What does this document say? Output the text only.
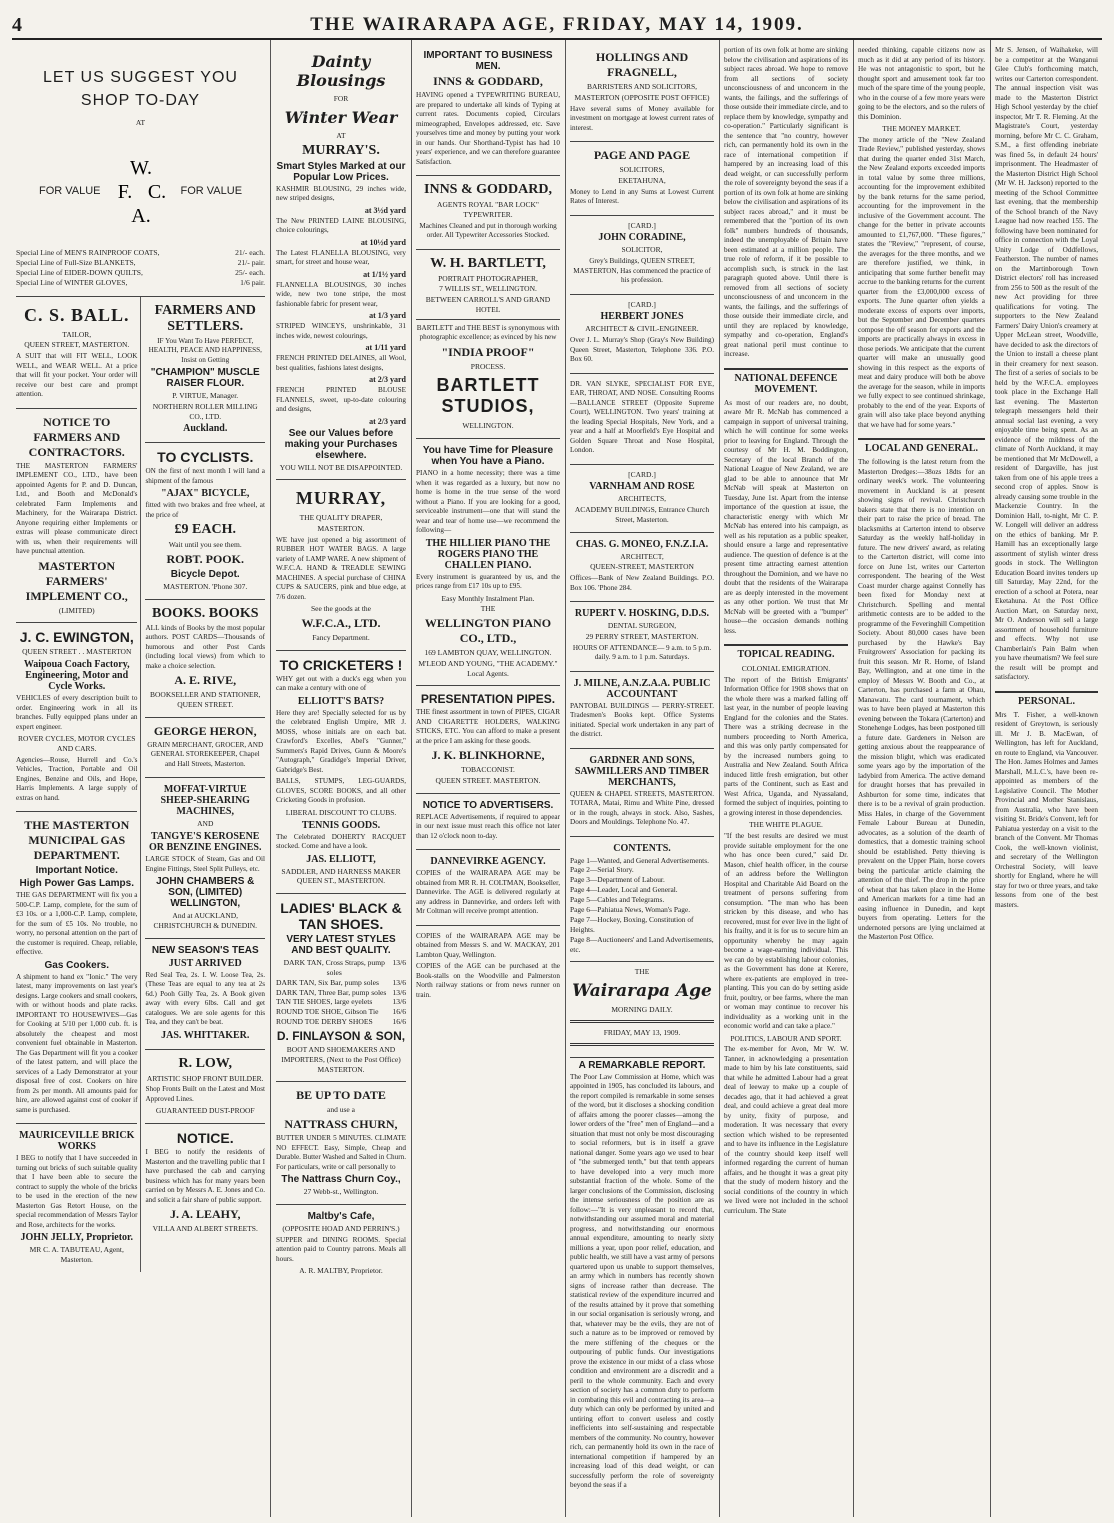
4	THE WAIRARAPA AGE, FRIDAY, MAY 14, 1909.
LET US SUGGEST YOU SHOP TO-DAY
AT
FOR VALUE
W.
F. C.
A.
FOR VALUE
Special Line of MEN'S RAINPROOF COATS,	21/- each.
Special Line of Full-Size BLANKETS,	21/- pair.
Special Line of EIDER-DOWN QUILTS,	25/- each.
Special Line of WINTER GLOVES,	1/6 pair.
C. S. BALL.
TAILOR,
QUEEN STREET, MASTERTON.
A SUIT that will FIT WELL, LOOK WELL, and WEAR WELL. At a price that will fit your pocket. Your order will receive our best care and prompt attention.
NOTICE TO FARMERS AND CONTRACTORS.
THE MASTERTON FARMERS' IMPLEMENT CO., LTD., have been appointed Agents for P. and D. Duncan, Ltd., and Booth and McDonald's celebrated Farm Implements and Machinery, for the Wairarapa District. Anyone requiring either Implements or extras will please communicate direct with us, when their requirements will have punctual attention.
MASTERTON FARMERS' IMPLEMENT CO.,
(LIMITED)
J. C. EWINGTON,
QUEEN STREET . . MASTERTON
Waipoua Coach Factory, Engineering, Motor and Cycle Works.
VEHICLES of every description built to order. Engineering work in all its branches. Fully equipped plans under an expert engineer.
ROVER CYCLES, MOTOR CYCLES AND CARS.
Agencies—Rouse, Hurrell and Co.'s Vehicles, Traction, Portable and Oil Engines, Benzine and Oils, and Hope, Harris Implements. A large supply of extras on hand.
THE MASTERTON MUNICIPAL GAS DEPARTMENT.
Important Notice.
High Power Gas Lamps.
THE GAS DEPARTMENT will fix you a 500-C.P. Lamp, complete, for the sum of £3 10s. or a 1,000-C.P. Lamp, complete, for the sum of £5 10s. No trouble, no worry, no personal attention on the part of the customer is required. Cheap, reliable, effective.
Gas Cookers.
A shipment to hand ex "Ionic." The very latest, many improvements on last year's designs. Large cookers and small cookers, with or without hoods and plate racks. IMPORTANT TO HOUSEWIVES—Gas for Cooking at 5/10 per 1,000 cub. ft. is absolutely the cheapest and most convenient fuel obtainable in Masterton. The Gas Department will fit you a cooker of the latest pattern, and will place the services of a Lady Demonstrator at your disposal free of cost. Cookers on hire from 2s per month. All amounts paid for hire, are allowed against cost of cooker if same is purchased.
MAURICEVILLE BRICK WORKS
I BEG to notify that I have succeeded in turning out bricks of such suitable quality that I have been able to secure the contract to supply the whole of the bricks to be used in the erection of the new Masterton Gas Retort House, on the special recommendation of Messrs Taylor and Rose, architects for the works.
JOHN JELLY, Proprietor.
MR C. A. TABUTEAU, Agent, Masterton.
FARMERS AND SETTLERS.
IF You Want To Have PERFECT, HEALTH, PEACE AND HAPPINESS, Insist on Getting
"CHAMPION" MUSCLE RAISER FLOUR.
P. VIRTUE, Manager.
NORTHERN ROLLER MILLING CO., LTD.
Auckland.
TO CYCLISTS.
ON the first of next month I will land a shipment of the famous
"AJAX" BICYCLE,
fitted with two brakes and free wheel, at the price of
£9 EACH.
Wait until you see them.
ROBT. POOK.
Bicycle Depot.
MASTERTON. 'Phone 307.
BOOKS. BOOKS
ALL kinds of Books by the most popular authors. POST CARDS—Thousands of humorous and other Post Cards (including local views) from which to make a choice selection.
A. E. RIVE,
BOOKSELLER AND STATIONER, QUEEN STREET.
GEORGE HERON,
GRAIN MERCHANT, GROCER, AND GENERAL STOREKEEPER, Chapel and Hall Streets, Masterton.
MOFFAT-VIRTUE SHEEP-SHEARING MACHINES,
AND
TANGYE'S KEROSENE OR BENZINE ENGINES.
LARGE STOCK of Steam, Gas and Oil Engine Fittings, Steel Split Pulleys, etc.
JOHN CHAMBERS & SON, (LIMITED) WELLINGTON,
And at AUCKLAND, CHRISTCHURCH & DUNEDIN.
NEW SEASON'S TEAS
JUST ARRIVED
Red Seal Tea, 2s. I. W. Loose Tea, 2s. (These Teas are equal to any tea at 2s 6d.) Pooh Gilly Tea, 2s. A Book given away with every 6lbs. Call and get catalogues. We are sole agents for this Tea, and they can't be beat.
JAS. WHITTAKER.
R. LOW,
ARTISTIC SHOP FRONT BUILDER.
Shop Fronts Built on the Latest and Most Approved Lines.
GUARANTEED DUST-PROOF
NOTICE.
I BEG to notify the residents of Masterton and the travelling public that I have purchased the cab and carrying business which has for many years been carried on by Messrs A. E. Jones and Co. and solicit a fair share of public support.
J. A. LEAHY,
VILLA AND ALBERT STREETS.
Dainty Blousings
FOR
Winter Wear
AT
MURRAY'S.
Smart Styles Marked at our Popular Low Prices.
KASHMIR BLOUSING, 29 inches wide, new striped designs,
at 3½d yard
The New PRINTED LAINE BLOUSING, choice colourings,
at 10½d yard
The Latest FLANELLA BLOUSING, very smart, for street and house wear,
at 1/1½ yard
FLANNELLA BLOUSINGS, 30 inches wide, new two tone stripe, the most fashionable fabric for present wear,
at 1/3 yard
STRIPED WINCEYS, unshrinkable, 31 inches wide, newest colourings,
at 1/11 yard
FRENCH PRINTED DELAINES, all Wool, best qualities, fashions latest designs,
at 2/3 yard
FRENCH PRINTED BLOUSE FLANNELS, sweet, up-to-date colouring and designs,
at 2/3 yard
See our Values before making your Purchases elsewhere.
YOU WILL NOT BE DISAPPOINTED.
MURRAY,
THE QUALITY DRAPER,
MASTERTON.
WE have just opened a big assortment of RUBBER HOT WATER BAGS. A large variety of LAMP WARE. A new shipment of W.F.C.A. HAND & TREADLE SEWING MACHINES. A special purchase of CHINA CUPS & SAUCERS, pink and blue edge, at 7/6 dozen.
See the goods at the
W.F.C.A., LTD.
Fancy Department.
TO CRICKETERS !
WHY get out with a duck's egg when you can make a century with one of
ELLIOTT'S BATS?
Here they are! Specially selected for us by the celebrated English Umpire, MR J. MOSS, whose initials are on each bat. Crawford's Excelles, Abel's "Gunner," Summers's Rapid Drives, Gunn & Moore's "Autograph," Gradidge's Imperial Driver, Gabridge's Best.
BALLS, STUMPS, LEG-GUARDS, GLOVES, SCORE BOOKS, and all other Cricketing Goods in profusion.
LIBERAL DISCOUNT TO CLUBS.
TENNIS GOODS.
The Celebrated DOHERTY RACQUET stocked. Come and have a look.
JAS. ELLIOTT,
SADDLER, AND HARNESS MAKER QUEEN ST., MASTERTON.
LADIES' BLACK & TAN SHOES.
VERY LATEST STYLES AND BEST QUALITY.
DARK TAN, Cross Straps, pump soles
13/6
DARK TAN, Six Bar, pump soles 13/6
DARK TAN, Three Bar, pump soles 13/6
TAN TIE SHOES, large eyelets	13/6
ROUND TOE SHOE, Gibson Tie 16/6
ROUND TOE DERBY SHOES	16/6
D. FINLAYSON & SON,
BOOT AND SHOEMAKERS AND IMPORTERS, (Next to the Post Office) MASTERTON.
BE UP TO DATE
and use a
NATTRASS CHURN,
BUTTER UNDER 5 MINUTES. CLIMATE NO EFFECT. Easy, Simple, Cheap and Durable. Butter Washed and Salted in Churn. For particulars, write or call personally to
The Nattrass Churn Coy.,
27 Webb-st., Wellington.
Maltby's Cafe,
(OPPOSITE HOAD AND PERRIN'S.)
SUPPER and DINING ROOMS. Special attention paid to Country patrons. Meals all hours.
A. R. MALTBY, Proprietor.
IMPORTANT TO BUSINESS MEN.
INNS & GODDARD,
HAVING opened a TYPEWRITING BUREAU, are prepared to undertake all kinds of Typing at current rates. Documents copied, Circulars mimeographed, Envelopes addressed, etc. Save yourselves time and money by putting your work in our hands. Our Shorthand-Typist has had 10 years' experience, and we can therefore guarantee Satisfaction.
INNS & GODDARD,
AGENTS ROYAL "BAR LOCK" TYPEWRITER.
Machines Cleaned and put in thorough working order. All Typewriter Accessories Stocked.
W. H. BARTLETT,
PORTRAIT PHOTOGRAPHER,
7 WILLIS ST., WELLINGTON.
BETWEEN CARROLL'S AND GRAND HOTEL
BARTLETT and THE BEST is synonymous with photographic excellence; as evinced by his new
"INDIA PROOF"
PROCESS.
BARTLETT STUDIOS,
WELLINGTON.
You have Time for Pleasure when You have a Piano.
PIANO in a home necessity; there was a time when it was regarded as a luxury, but now no home is home in the true sense of the word without a Piano. If you are looking for a good, serviceable instrument—one that will stand the wear and tear of home use—we recommend the following—
THE HILLIER PIANO THE ROGERS PIANO THE CHALLEN PIANO.
Every instrument is guaranteed by us, and the prices range from £17 10s up to £95.
Easy Monthly Instalment Plan.
THE
WELLINGTON PIANO CO., LTD.,
169 LAMBTON QUAY, WELLINGTON.
M'LEOD AND YOUNG, "THE ACADEMY." Local Agents.
PRESENTATION PIPES.
THE finest assortment in town of PIPES, CIGAR AND CIGARETTE HOLDERS, WALKING STICKS, ETC. You can afford to make a present at the price I am asking for these goods.
J. K. BLINKHORNE,
TOBACCONIST.
QUEEN STREET. MASTERTON.
NOTICE TO ADVERTISERS.
REPLACE Advertisements, if required to appear in our next issue must reach this office not later than 12 o'clock noon to-day.
DANNEVIRKE AGENCY.
COPIES of the WAIRARAPA AGE may be obtained from MR R. H. COLTMAN, Bookseller, Dannevirke. The AGE is delivered regularly at any address in Dannevirke, and orders left with Mr Coltman will receive prompt attention.
COPIES of the WAIRARAPA AGE may be obtained from Messrs S. and W. MACKAY, 201 Lambton Quay, Wellington.
COPIES of the AGE can be purchased at the Book-stalls on the Woodville and Palmerston North railway stations or from news runner on train.
HOLLINGS AND FRAGNELL,
BARRISTERS AND SOLICITORS,
MASTERTON (OPPOSITE POST OFFICE)
Have several sums of Money available for investment on mortgage at lowest current rates of interest.
PAGE AND PAGE
SOLICITORS,
EKETAHUNA,
Money to Lend in any Sums at Lowest Current Rates of Interest.
[CARD.]
JOHN CORADINE,
SOLICITOR,
Grey's Buildings, QUEEN STREET, MASTERTON, Has commenced the practice of his profession.
[CARD.]
HERBERT JONES
ARCHITECT & CIVIL-ENGINEER.
Over J. L. Murray's Shop (Gray's New Building) Queen Street, Masterton, Telephone 336. P.O. Box 60.
DR. VAN SLYKE, SPECIALIST FOR EYE, EAR, THROAT, AND NOSE. Consulting Rooms—BALLANCE STREET (Opposite Supreme Court), WELLINGTON. Two years' training at the leading Special Hospitals, New York, and a year and a half at Moorfield's Eye Hospital and Golden Square Throat and Nose Hospital, London.
[CARD.]
VARNHAM AND ROSE
ARCHITECTS,
ACADEMY BUILDINGS, Entrance Church Street, Masterton.
CHAS. G. MONEO, F.N.Z.I.A.
ARCHITECT,
QUEEN-STREET, MASTERTON
Offices—Bank of New Zealand Buildings. P.O. Box 106. 'Phone 284.
RUPERT V. HOSKING, D.D.S.
DENTAL SURGEON,
29 PERRY STREET, MASTERTON.
HOURS OF ATTENDANCE— 9 a.m. to 5 p.m. daily. 9 a.m. to 1 p.m. Saturdays.
J. MILNE, A.N.Z.A.A. PUBLIC ACCOUNTANT
PANTOBAL BUILDINGS — PERRY-STREET. Tradesmen's Books kept. Office Systems initiated. Special work undertaken in any part of the district.
GARDNER AND SONS, SAWMILLERS AND TIMBER MERCHANTS,
QUEEN & CHAPEL STREETS, MASTERTON. TOTARA, Matai, Rimu and White Pine, dressed or in the rough, always in stock. Also, Sashes, Doors and Mouldings. Telephone No. 47.
CONTENTS.
Page 1—Wanted, and General Advertisements.
Page 2—Serial Story.
Page 3—Department of Labour.
Page 4—Leader, Local and General.
Page 5—Cables and Telegrams.
Page 6—Pahiatua News, Woman's Page.
Page 7—Hockey, Boxing, Constitution of Heights.
Page 8—Auctioneers' and Land Advertisements, etc.
THE
Wairarapa Age
MORNING DAILY.
FRIDAY, MAY 13, 1909.
A REMARKABLE REPORT.
The Poor Law Commission at Home, which was appointed in 1905, has concluded its labours, and the report compiled is remarkable in some senses of the word, but it discloses a shocking condition of affairs among the poorer classes—among the lower orders of the "free" men of England—and a situation that must not only be most discouraging to social reformers, but is in itself a grave national danger. Some years ago we used to hear of "the submerged tenth," but that tenth appears to have developed into a very much more substantial fraction of the whole. Some of the larger conclusions of the Commission, disclosing the intense seriousness of the position are as follow:—"It is very unpleasant to record that, notwithstanding our assumed moral and material progress, and notwithstanding our enormous annual expenditure, amounting to nearly sixty millions a year, upon poor relief, education, and public health, we still have a vast army of persons quartered upon us unable to support themselves, an army which in numbers has recently shown signs of increase rather than decrease. The statistical review of the expenditure incurred and of the results attained by it prove that something in our social organisation is seriously wrong, and that, whatever may be the evils, they are not of such a nature as to be improved or removed by the mere stiffening of the cheques or the outpouring of public funds. Our investigations prove the existence in our midst of a class whose condition and environment are a discredit and a peril to the whole community. Each and every section of society has a common duty to perform in combating this evil and contracting its area—a duty which can only be performed by united and untiring effort to convert useless and costly inefficients into self-sustaining and respectable members of the community. No country, however rich, can permanently hold its own in the race of international competition if hampered by an increasing load of this dead weight, or can successfully perform the role of sovereignty beyond the seas if a
portion of its own folk at home are sinking below the civilisation and aspirations of its subject races abroad. We hope to remove from all sections of society unconsciousness of and unconcern in the wants, the failings, and the sufferings of those outside their immediate circle, and to replace them by knowledge, sympathy and co-operation." Particularly significant is the sentence that "no country, however rich, can permanently hold its own in the race of international competition if hampered by an increasing load of this dead weight, or can successfully perform the role of sovereignty beyond the seas if a portion of its own folk at home are sinking below the civilisation and aspirations of its subject races abroad," and it must be remembered that the "portion of its own folk" numbers hundreds of thousands, indeed the unemployable of Britain have been estimated at a million people. The true role of reform, if it be possible to accomplish such, is struck in the last paragraph quoted above. Until there is removed from all sections of society unconsciousness of and unconcern in the wants, the failings, and the sufferings of those outside their immediate circle, and until they are replaced by knowledge, sympathy and co-operation, England's great national peril must continue to increase.
NATIONAL DEFENCE MOVEMENT.
As most of our readers are, no doubt, aware Mr R. McNab has commenced a campaign in support of universal training, which he will continue for some weeks prior to leaving for England. Through the courtesy of Mr H. M. Boddington, Secretary of the local Branch of the National League of New Zealand, we are glad to be able to announce that Mr McNab will speak at Masterton on Tuesday, June 1st. Apart from the intense importance of the question at issue, the characteristic energy with which Mr McNab has entered into his campaign, as well as his reputation as a public speaker, should ensure a large and representative audience. The question of defence is at the present time attracting earnest attention throughout the Dominion, and we have no doubt that the residents of the Wairarapa are as deeply interested in the movement as any other portion. We trust that Mr McNab will be greeted with a "bumper" house—the occasion demands nothing less.
TOPICAL READING.
COLONIAL EMIGRATION.
The report of the British Emigrants' Information Office for 1908 shows that on the whole there was a marked falling off last year, in the number of people leaving England for the colonies and the States. There was a striking decrease in the numbers proceeding to North America, and this was only partly compensated for by the increased numbers going to Australia and New Zealand. South Africa induced little fresh emigration, but other parts of the Continent, such as East and West Africa, Uganda, and Nyassaland, formed the subject of inquiries, pointing to a growing interest in those dependencies.
THE WHITE PLAGUE.
"If the best results are desired we must provide suitable employment for the one who has once been cured," said Dr. Mason, chief health officer, in the course of an address before the Wellington Hospital and Charitable Aid Board on the treatment of persons suffering from consumption. "The man who has been stricken by this disease, and who has recovered, must for ever live in the light of his frailty, and it is for us to secure him an opportunity whereby he may again become a wage-earning individual. This we can do by establishing labour colonies, as the Government has done at Kerere, where ex-patients are employed in tree-planting. This you can do by setting aside fruit, poultry, or bee farms, where the man or woman may continue to recover his individuality as a working unit in the economic world and can take a place."
POLITICS, LABOUR AND SPORT.
The ex-member for Avon, Mr W. W. Tanner, in acknowledging a presentation made to him by his late constituents, said that while he admitted Labour had a great deal of leeway to make up a couple of decades ago, that it had achieved a great deal, and could achieve a great deal more by unity, fixity of purpose, and moderation. It was necessary that every section which wished to be represented and to have its influence in the Legislature of the country should keep itself well informed regarding the current of human affairs, and he thought it was a great pity that the study of modern history and the social conditions of the country in which we lived were not included in the school curriculum. The State
needed thinking, capable citizens now as much as it did at any period of its history. He was not antagonistic to sport, but he thought sport and amusement took far too much of the spare time of the young people, who in the course of a few more years were going to be the electors, and so the rulers of this Dominion.
THE MONEY MARKET.
The money article of the "New Zealand Trade Review," published yesterday, shows that during the quarter ended 31st March, the New Zealand exports exceeded imports in total value by some three millions, accounting for the improvement exhibited by the bank returns for the same period, accounting for the improvement in the inclusive of the Government account. The change for the better in private accounts amounted to £1,767,000. "These figures," states the "Review," "represent, of course, the averages for the three months, and we are therefore justified, we think, in anticipating that some further benefit may accrue to the banking returns for the current quarter from the £3,000,000 excess of exports. The June quarter often yields a moderate excess of exports over imports, but the September and December quarters compose the off season for exports and the imports are practically always in excess in those periods. We anticipate that the current quarter will make an unusually good showing in this respect as the exports of meat and dairy produce will both be above the average for the season, while in imports we fully expect to see continued shrinkage, probably to the end of the year. Exports of grain will also take place beyond anything that we have had for some years."
LOCAL AND GENERAL.
The following is the latest return from the Masterton Dredges:—38ozs 18dts for an ordinary week's work. The volunteering movement in Auckland is at present showing signs of revival. Christchurch bakers state that there is no intention on their part to raise the price of bread. The blacksmiths at Carterton intend to observe Saturday as the weekly half-holiday in future. The new drivers' award, as relating to the Carterton district, will come into force on June 1st, writes our Carterton correspondent. The hearing of the West Coast murder charge against Connelly has been fixed for Monday next at Christchurch. Spelling and mental arithmetic contests are to be added to the programme of the Feveringhill Competition Society. About 80,000 cases have been purchased by the Hawke's Bay Fruitgrowers' Association for packing its fruit this season. Mr R. Horne, of Island Bay, Wellington, and at one time in the employ of Messrs W. Booth and Co., at Carterton, has purchased a farm at Ohau, Manawatu. The card tournament, which was to have been played at Masterton this evening between the Tokara (Carterton) and Stonehenge Lodges, has been postponed till a future date. Gardeners in Nelson are getting anxious about the reappearance of the mission blight, which was eradicated some years ago by the importation of the ladybird from America. The active demand for draught horses that has prevailed in Ashburton for some time, indicates that there is to be a revival of grain production. Miss Hales, in charge of the Government Female Labour Bureau at Dunedin, advocates, as a solution of the dearth of domestics, that a domestic training school should be established. Petty thieving is prevalent on the Upper Plain, horse covers being the particular article claiming the attention of the thief. The drop in the price of wheat that has taken place in the Home and American markets for a time had an easing influence in Dunedin, and kept buyers from operating. Letters for the undernoted persons are lying unclaimed at the Masterton Post Office.
Mr S. Jensen, of Waihakeke, will be a competitor at the Wanganui Glee Club's forthcoming match, writes our Carterton correspondent. The annual inspection visit was made to the Masterton District High School yesterday by the chief inspector, Mr T. R. Fleming. At the Magistrate's Court, yesterday morning, before Mr C. C. Graham, S.M., a first offending inebriate was fined 5s, in default 24 hours' imprisonment. The Headmaster of the Masterton District High School (Mr W. H. Jackson) reported to the meeting of the School Committee last evening, that the membership of the School branch of the Navy League had now reached 155. The following have been nominated for office in connection with the Loyal Unity Lodge of Oddfellows, Featherston. The number of names on the Martinborough Town District electors' roll has increased from 256 to 500 as the result of the new Act providing for three qualifications for voting. The supporters to the New Zealand Farmers' Dairy Union's creamery at Upper McLean street, Woodville, have decided to ask the directors of the Union to install a cheese plant in their creamery for next season. The first of a series of socials to be held by the W.F.C.A. employees took place in the Exchange Hall last evening. The Masterton telegraph messengers held their annual social last evening, a very enjoyable time being spent. As an evidence of the mildness of the climate of North Auckland, it may be mentioned that Mr McDowell, a resident of Dargaville, has just taken from one of his apple trees a second crop of apples. Snow is already causing some trouble in the Mackenzie Country. In the Dominion Hall, to-night, Mr C. P. W. Longell will deliver an address on the ethics of banking. Mr P. Hamill has an exceptionally large assortment of stylish winter dress goods in stock. The Wellington Education Board invites tenders up till Saturday, May 22nd, for the erection of a school at Potera, near Eketahuna. At the Post Office Auction Mart, on Saturday next, Mr O. Anderson will sell a large assortment of household furniture and effects. Why not use Chamberlain's Pain Balm when you have rheumatism? We feel sure the result will be prompt and satisfactory.
PERSONAL.
Mrs T. Fisher, a well-known resident of Greytown, is seriously ill. Mr J. B. MacEwan, of Wellington, has left for Auckland, en route to England, via Vancouver. The Hon. James Holmes and James Marshall, M.L.C.'s, have been re-appointed as members of the Legislative Council. The Mother Provincial and Mother Stanislaus, from Australia, who have been visiting St. Bride's Convent, left for Pahiatua yesterday on a visit to the branch of the Convent. Mr Thomas Cook, the well-known violinist, and secretary of the Wellington Orchestral Society, will leave shortly for England, where he will stay for two or three years, and take lessons from one of the best masters.
